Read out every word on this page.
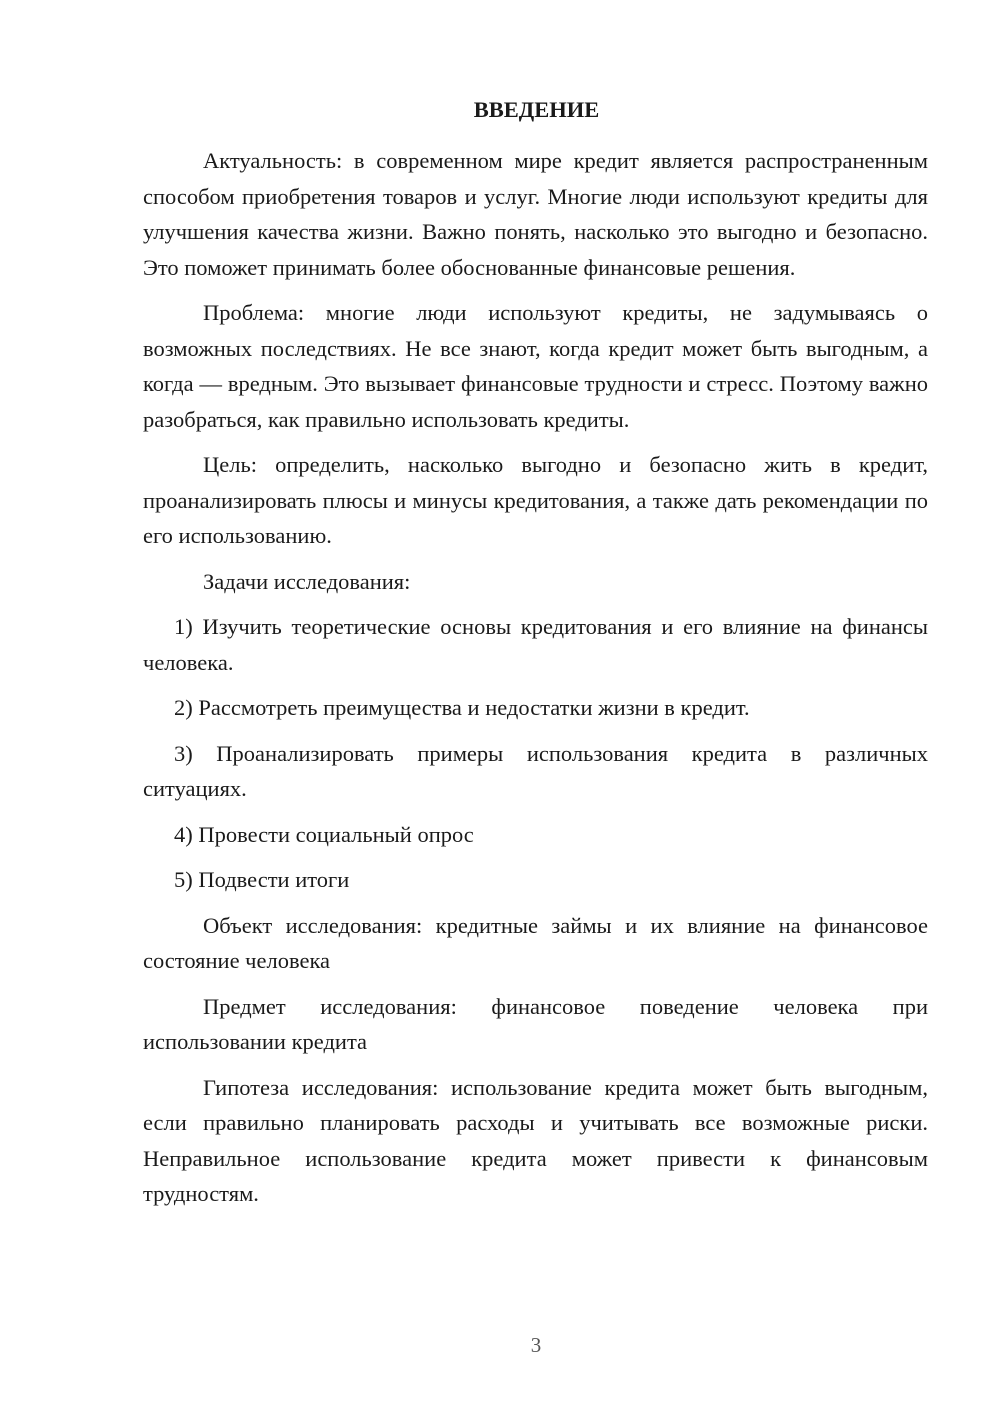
ВВЕДЕНИЕ

Актуальность: в современном мире кредит является распространенным способом приобретения товаров и услуг. Многие люди используют кредиты для улучшения качества жизни. Важно понять, насколько это выгодно и безопасно. Это поможет принимать более обоснованные финансовые решения.

Проблема: многие люди используют кредиты, не задумываясь о возможных последствиях. Не все знают, когда кредит может быть выгодным, а когда — вредным. Это вызывает финансовые трудности и стресс. Поэтому важно разобраться, как правильно использовать кредиты.

Цель: определить, насколько выгодно и безопасно жить в кредит, проанализировать плюсы и минусы кредитования, а также дать рекомендации по его использованию.

Задачи исследования:

1) Изучить теоретические основы кредитования и его влияние на финансы человека.

2) Рассмотреть преимущества и недостатки жизни в кредит.

3) Проанализировать примеры использования кредита в различных ситуациях.

4) Провести социальный опрос

5) Подвести итоги

Объект исследования: кредитные займы и их влияние на финансовое состояние человека

Предмет исследования: финансовое поведение человека при использовании кредита

Гипотеза исследования: использование кредита может быть выгодным, если правильно планировать расходы и учитывать все возможные риски. Неправильное использование кредита может привести к финансовым трудностям.

3
